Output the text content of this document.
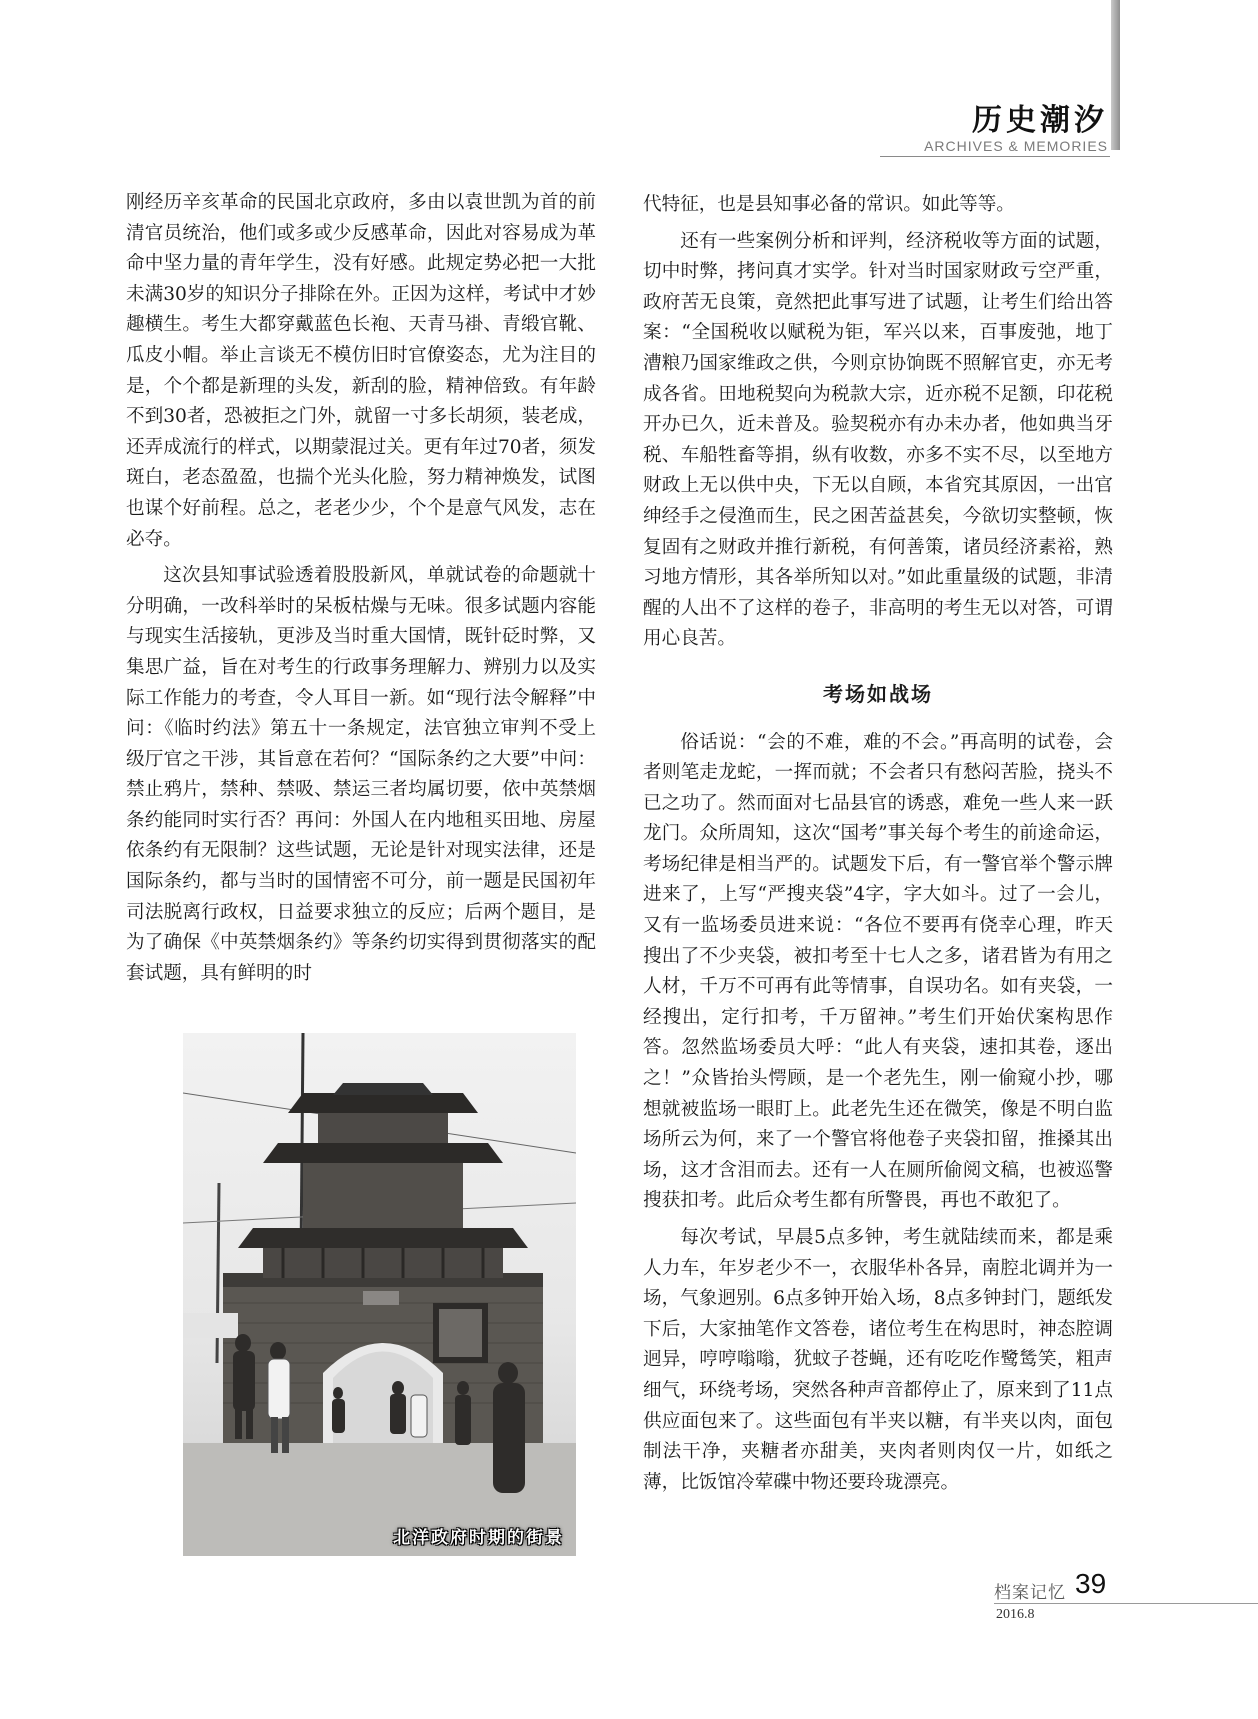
历史潮汐
ARCHIVES & MEMORIES

刚经历辛亥革命的民国北京政府，多由以袁世凯为首的前清官员统治，他们或多或少反感革命，因此对容易成为革命中坚力量的青年学生，没有好感。此规定势必把一大批未满30岁的知识分子排除在外。正因为这样，考试中才妙趣横生。考生大都穿戴蓝色长袍、天青马褂、青缎官靴、瓜皮小帽。举止言谈无不模仿旧时官僚姿态，尤为注目的是，个个都是新理的头发，新刮的脸，精神倍致。有年龄不到30者，恐被拒之门外，就留一寸多长胡须，装老成，还弄成流行的样式，以期蒙混过关。更有年过70者，须发斑白，老态盈盈，也揣个光头化脸，努力精神焕发，试图也谋个好前程。总之，老老少少，个个是意气风发，志在必夺。

这次县知事试验透着股股新风，单就试卷的命题就十分明确，一改科举时的呆板枯燥与无味。很多试题内容能与现实生活接轨，更涉及当时重大国情，既针砭时弊，又集思广益，旨在对考生的行政事务理解力、辨别力以及实际工作能力的考查，令人耳目一新。如“现行法令解释”中问：《临时约法》第五十一条规定，法官独立审判不受上级厅官之干涉，其旨意在若何？“国际条约之大要”中问：禁止鸦片，禁种、禁吸、禁运三者均属切要，依中英禁烟条约能同时实行否？再问：外国人在内地租买田地、房屋依条约有无限制？这些试题，无论是针对现实法律，还是国际条约，都与当时的国情密不可分，前一题是民国初年司法脱离行政权，日益要求独立的反应；后两个题目，是为了确保《中英禁烟条约》等条约切实得到贯彻落实的配套试题，具有鲜明的时

北洋政府时期的街景

代特征，也是县知事必备的常识。如此等等。

还有一些案例分析和评判，经济税收等方面的试题，切中时弊，拷问真才实学。针对当时国家财政亏空严重，政府苦无良策，竟然把此事写进了试题，让考生们给出答案：“全国税收以赋税为钜，军兴以来，百事废弛，地丁漕粮乃国家维政之供，今则京协饷既不照解官吏，亦无考成各省。田地税契向为税款大宗，近亦税不足额，印花税开办已久，近未普及。验契税亦有办未办者，他如典当牙税、车船牲畜等捐，纵有收数，亦多不实不尽，以至地方财政上无以供中央，下无以自顾，本省究其原因，一出官绅经手之侵渔而生，民之困苦益甚矣，今欲切实整顿，恢复固有之财政并推行新税，有何善策，诸员经济素裕，熟习地方情形，其各举所知以对。”如此重量级的试题，非清醒的人出不了这样的卷子，非高明的考生无以对答，可谓用心良苦。

考场如战场

俗话说：“会的不难，难的不会。”再高明的试卷，会者则笔走龙蛇，一挥而就；不会者只有愁闷苦脸，挠头不已之功了。然而面对七品县官的诱惑，难免一些人来一跃龙门。众所周知，这次“国考”事关每个考生的前途命运，考场纪律是相当严的。试题发下后，有一警官举个警示牌进来了，上写“严搜夹袋”4字，字大如斗。过了一会儿，又有一监场委员进来说：“各位不要再有侥幸心理，昨天搜出了不少夹袋，被扣考至十七人之多，诸君皆为有用之人材，千万不可再有此等情事，自误功名。如有夹袋，一经搜出，定行扣考，千万留神。”考生们开始伏案构思作答。忽然监场委员大呼：“此人有夹袋，速扣其卷，逐出之！”众皆抬头愕顾，是一个老先生，刚一偷窥小抄，哪想就被监场一眼盯上。此老先生还在微笑，像是不明白监场所云为何，来了一个警官将他卷子夹袋扣留，推搡其出场，这才含泪而去。还有一人在厕所偷阅文稿，也被巡警搜获扣考。此后众考生都有所警畏，再也不敢犯了。

每次考试，早晨5点多钟，考生就陆续而来，都是乘人力车，年岁老少不一，衣服华朴各异，南腔北调并为一场，气象迥别。6点多钟开始入场，8点多钟封门，题纸发下后，大家抽笔作文答卷，诸位考生在构思时，神态腔调迥异，哼哼嗡嗡，犹蚊子苍蝇，还有吃吃作鹭鸶笑，粗声细气，环绕考场，突然各种声音都停止了，原来到了11点供应面包来了。这些面包有半夹以糖，有半夹以肉，面包制法干净，夹糖者亦甜美，夹肉者则肉仅一片，如纸之薄，比饭馆冷荤碟中物还要玲珑漂亮。

档案记忆 39
2016.8
